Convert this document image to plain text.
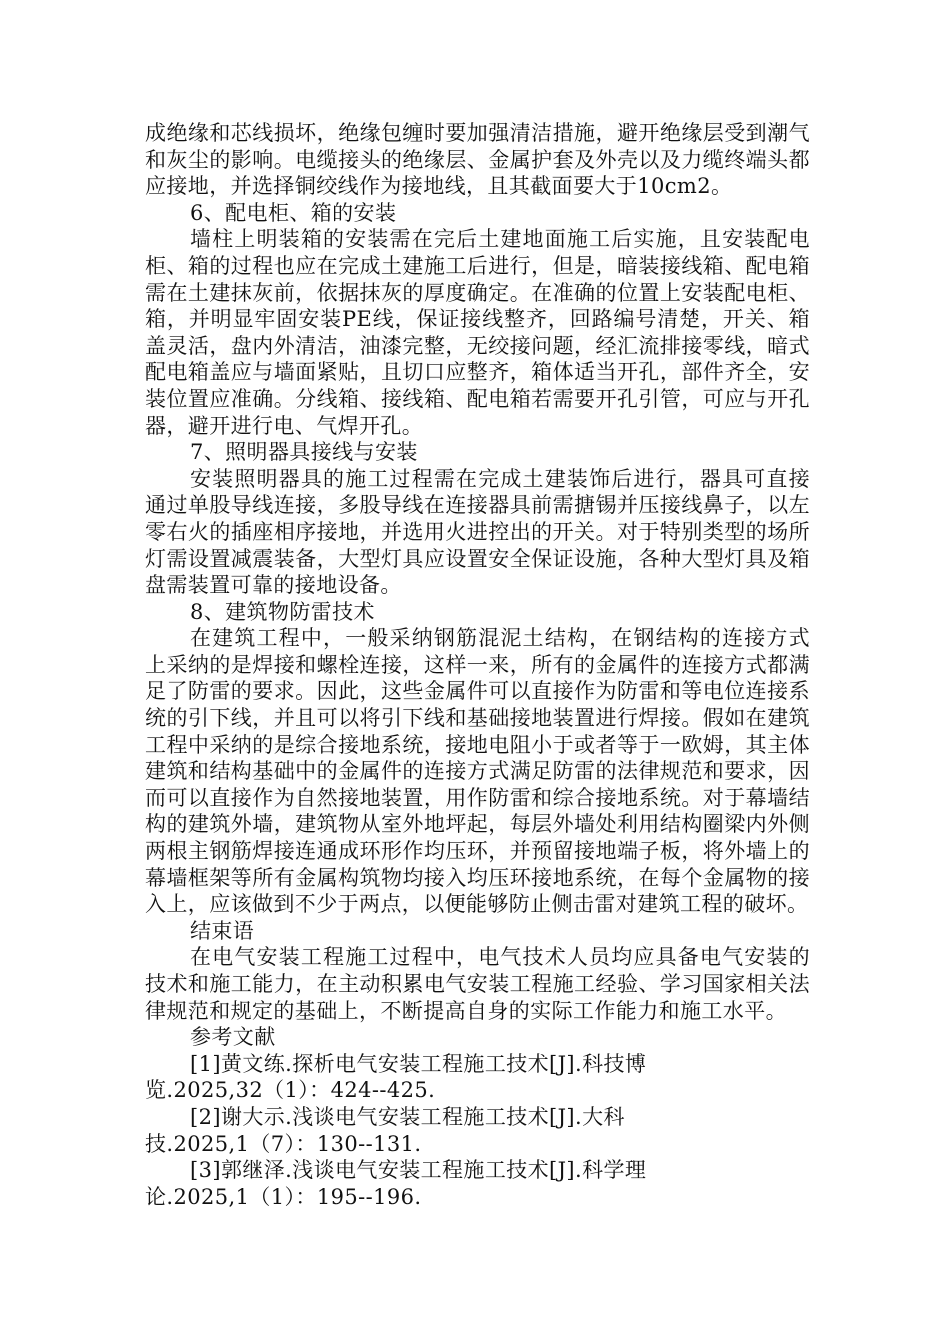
成绝缘和芯线损坏，绝缘包缠时要加强清洁措施，避开绝缘层受到潮气和灰尘的影响。电缆接头的绝缘层、金属护套及外壳以及力缆终端头都应接地，并选择铜绞线作为接地线，且其截面要大于10cm2。

6、配电柜、箱的安装

墙柱上明装箱的安装需在完后土建地面施工后实施，且安装配电柜、箱的过程也应在完成土建施工后进行，但是，暗装接线箱、配电箱需在土建抹灰前，依据抹灰的厚度确定。在准确的位置上安装配电柜、箱，并明显牢固安装PE线，保证接线整齐，回路编号清楚，开关、箱盖灵活，盘内外清洁，油漆完整，无绞接问题，经汇流排接零线，暗式配电箱盖应与墙面紧贴，且切口应整齐，箱体适当开孔，部件齐全，安装位置应准确。分线箱、接线箱、配电箱若需要开孔引管，可应与开孔器，避开进行电、气焊开孔。

7、照明器具接线与安装

安装照明器具的施工过程需在完成土建装饰后进行，器具可直接通过单股导线连接，多股导线在连接器具前需搪锡并压接线鼻子，以左零右火的插座相序接地，并选用火进控出的开关。对于特别类型的场所灯需设置减震装备，大型灯具应设置安全保证设施，各种大型灯具及箱盘需装置可靠的接地设备。

8、建筑物防雷技术

在建筑工程中，一般采纳钢筋混泥土结构，在钢结构的连接方式上采纳的是焊接和螺栓连接，这样一来，所有的金属件的连接方式都满足了防雷的要求。因此，这些金属件可以直接作为防雷和等电位连接系统的引下线，并且可以将引下线和基础接地装置进行焊接。假如在建筑工程中采纳的是综合接地系统，接地电阻小于或者等于一欧姆，其主体建筑和结构基础中的金属件的连接方式满足防雷的法律规范和要求，因而可以直接作为自然接地装置，用作防雷和综合接地系统。对于幕墙结构的建筑外墙，建筑物从室外地坪起，每层外墙处利用结构圈梁内外侧两根主钢筋焊接连通成环形作均压环，并预留接地端子板，将外墙上的幕墙框架等所有金属构筑物均接入均压环接地系统，在每个金属物的接入上，应该做到不少于两点，以便能够防止侧击雷对建筑工程的破坏。

结束语

在电气安装工程施工过程中，电气技术人员均应具备电气安装的技术和施工能力，在主动积累电气安装工程施工经验、学习国家相关法律规范和规定的基础上，不断提高自身的实际工作能力和施工水平。

参考文献

[1]黄文练.探析电气安装工程施工技术[J].科技博
览.2025,32（1）：424--425.
[2]谢大示.浅谈电气安装工程施工技术[J].大科
技.2025,1（7）：130--131.
[3]郭继泽.浅谈电气安装工程施工技术[J].科学理
论.2025,1（1）：195--196.
